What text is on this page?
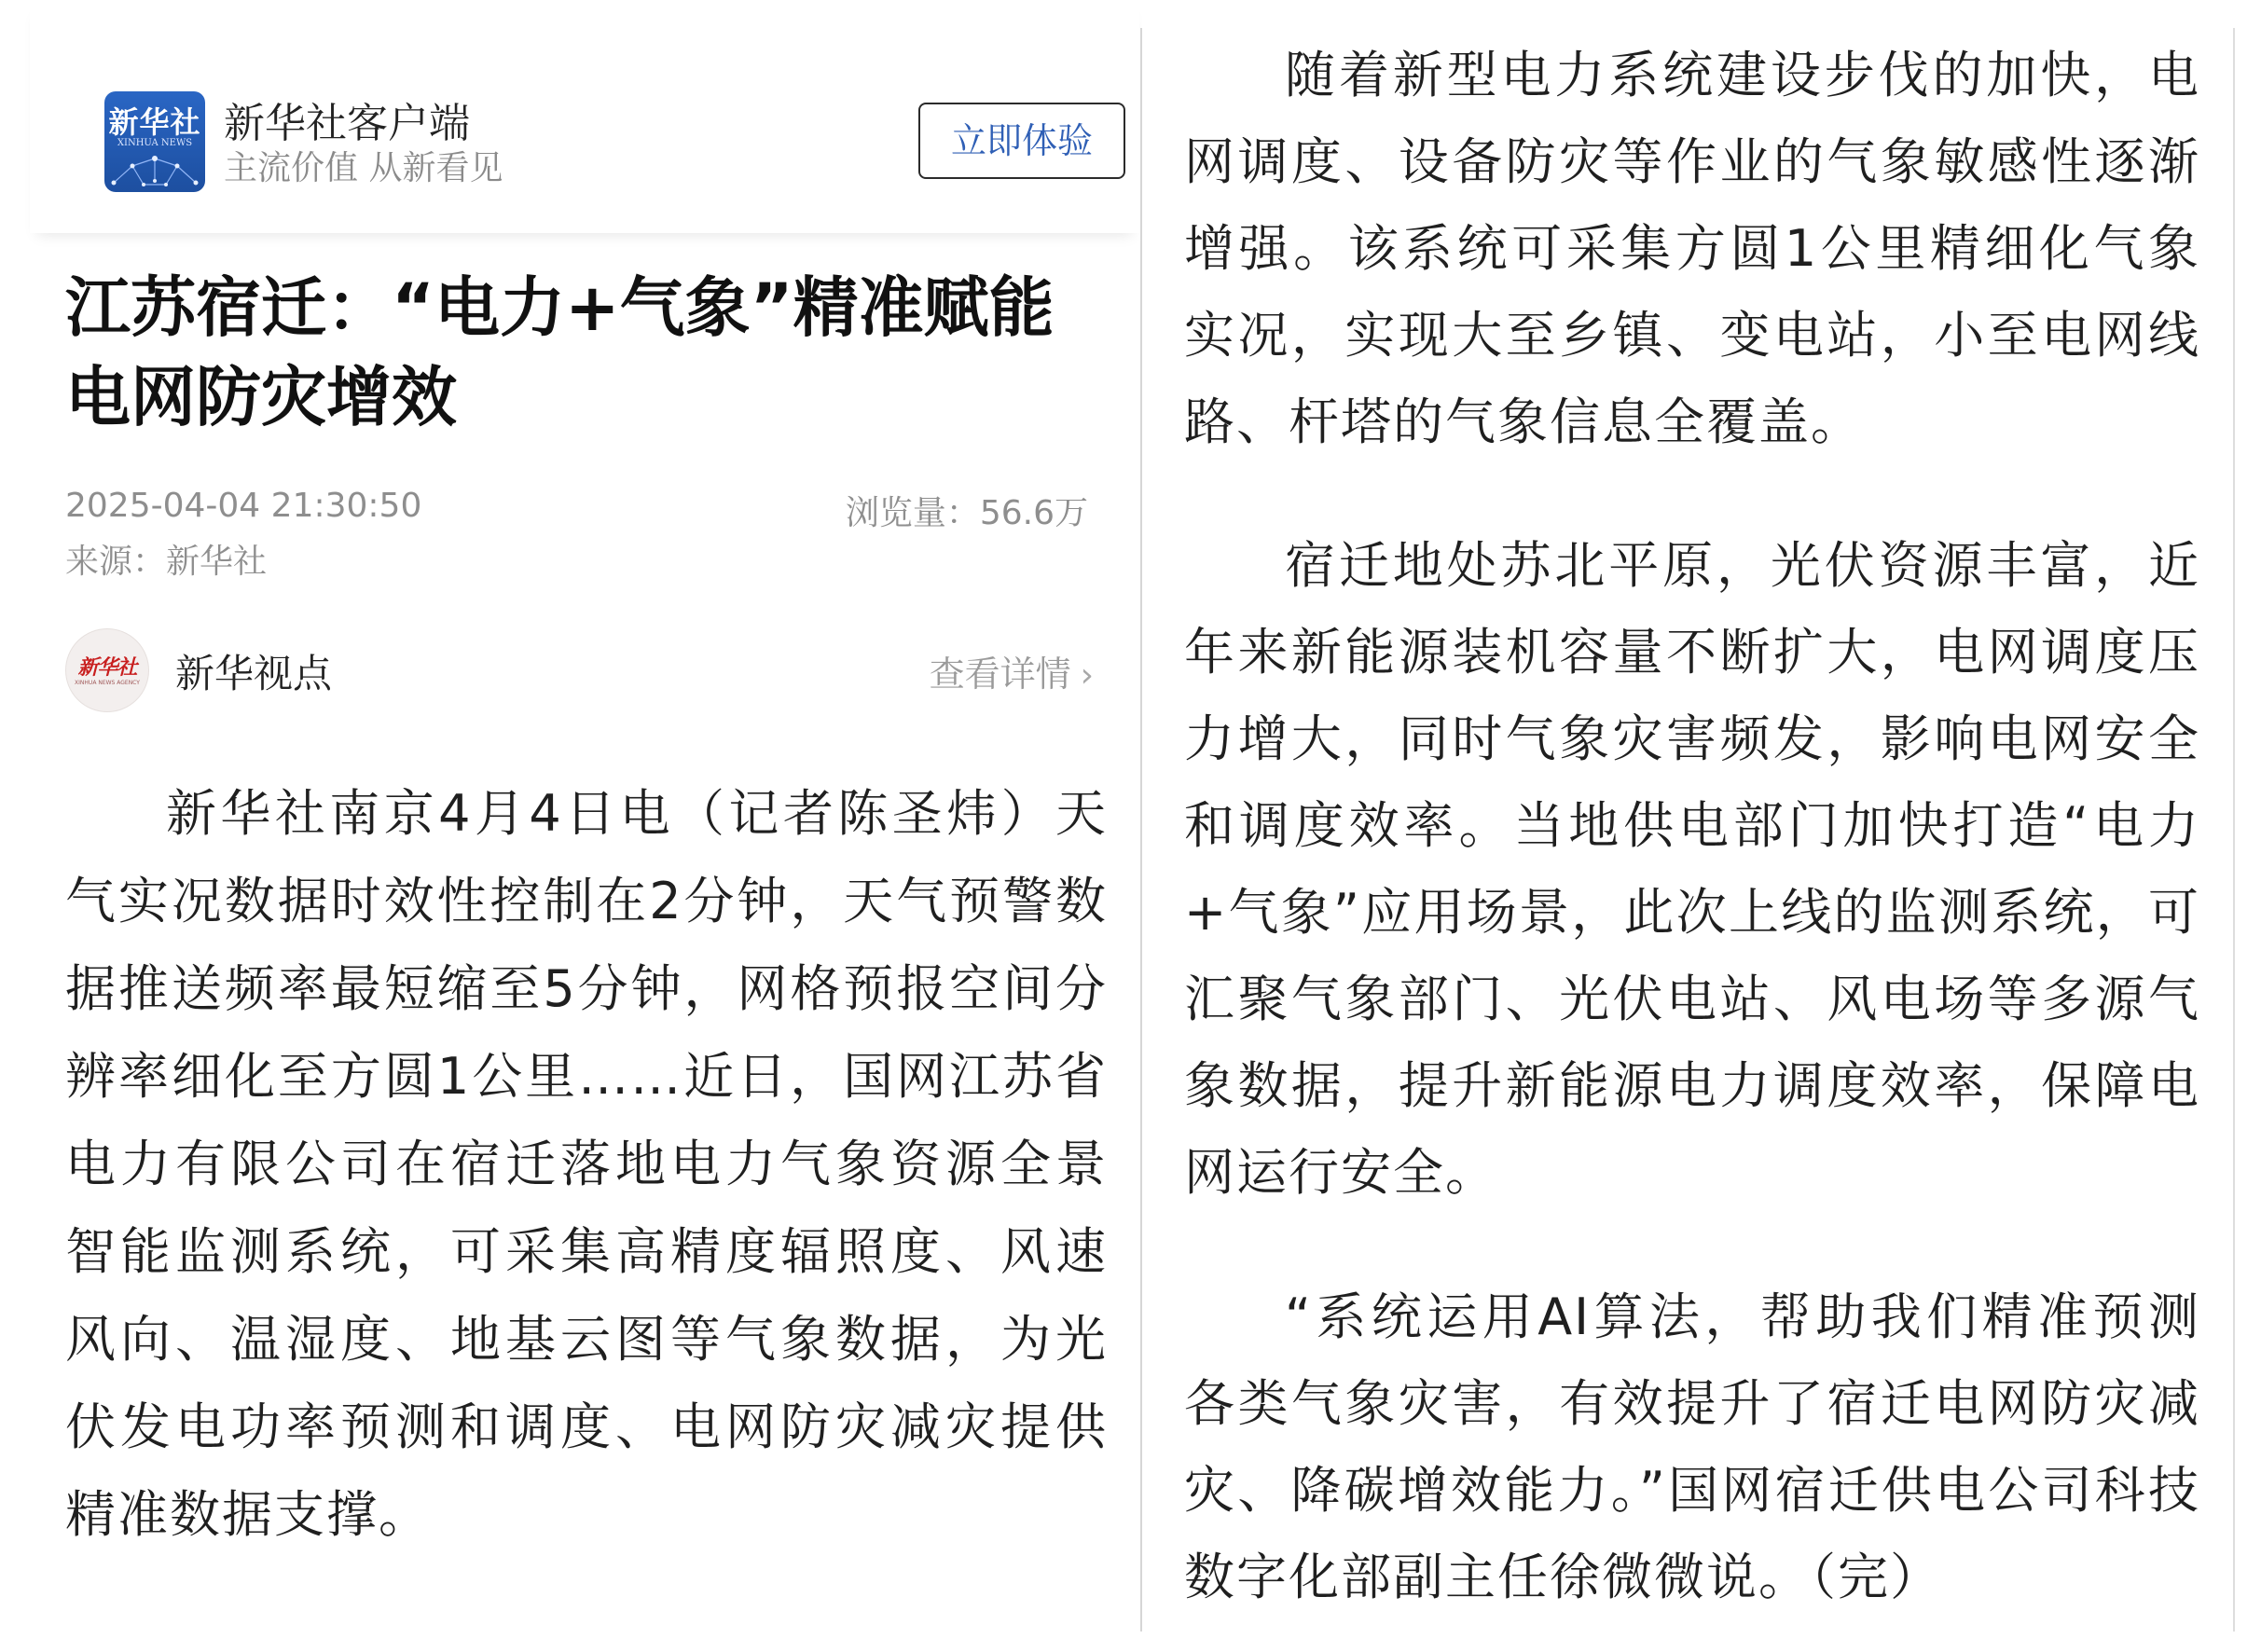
新华社
XINHUA NEWS 新华社客户端
主流价值 从新看见
立即体验
江苏宿迁：“电力+气象”精准赋能电网防灾增效
2025-04-04 21:30:50	浏览量：56.6万
来源：新华社
新华社
XINHUA NEWS AGENCY 新华视点	查看详情 ›
新华社南京4月4日电（记者陈圣炜）天气实况数据时效性控制在2分钟，天气预警数据推送频率最短缩至5分钟，网格预报空间分辨率细化至方圆1公里……近日，国网江苏省电力有限公司在宿迁落地电力气象资源全景智能监测系统，可采集高精度辐照度、风速风向、温湿度、地基云图等气象数据，为光伏发电功率预测和调度、电网防灾减灾提供精准数据支撑。
随着新型电力系统建设步伐的加快，电网调度、设备防灾等作业的气象敏感性逐渐增强。该系统可采集方圆1公里精细化气象实况，实现大至乡镇、变电站，小至电网线路、杆塔的气象信息全覆盖。
宿迁地处苏北平原，光伏资源丰富，近年来新能源装机容量不断扩大，电网调度压力增大，同时气象灾害频发，影响电网安全和调度效率。当地供电部门加快打造“电力+气象”应用场景，此次上线的监测系统，可汇聚气象部门、光伏电站、风电场等多源气象数据，提升新能源电力调度效率，保障电网运行安全。
“系统运用AI算法，帮助我们精准预测各类气象灾害，有效提升了宿迁电网防灾减灾、降碳增效能力。”国网宿迁供电公司科技数字化部副主任徐微微说。（完）
